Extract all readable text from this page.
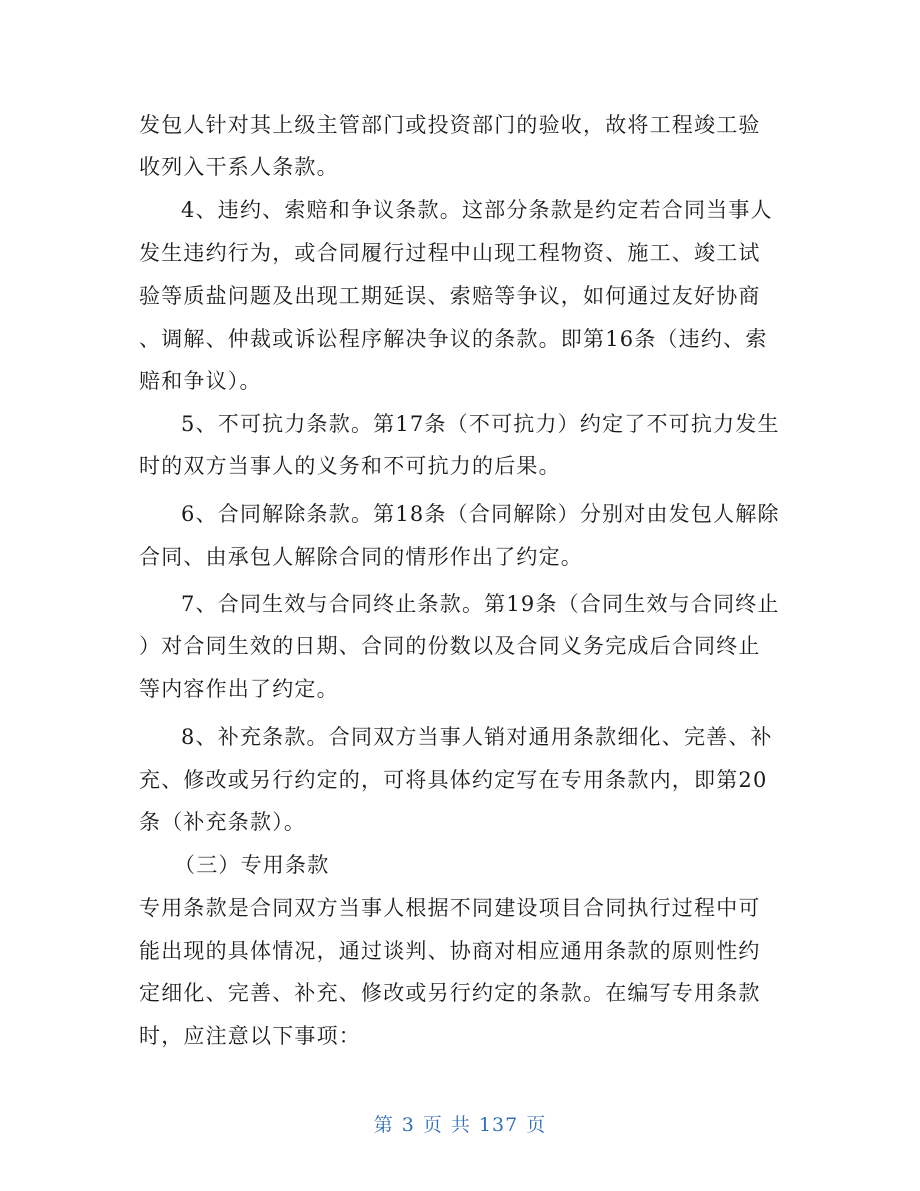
发包人针对其上级主管部门或投资部门的验收，故将工程竣工验
收列入干系人条款。
4、违约、索赔和争议条款。这部分条款是约定若合同当事人
发生违约行为，或合同履行过程中山现工程物资、施工、竣工试
验等质盐问题及出现工期延误、索赔等争议，如何通过友好协商
、调解、仲裁或诉讼程序解决争议的条款。即第16条（违约、索
赔和争议）。
5、不可抗力条款。第17条（不可抗力）约定了不可抗力发生
时的双方当事人的义务和不可抗力的后果。
6、合同解除条款。第18条（合同解除）分别对由发包人解除
合同、由承包人解除合同的情形作出了约定。
7、合同生效与合同终止条款。第19条（合同生效与合同终止
）对合同生效的日期、合同的份数以及合同义务完成后合同终止
等内容作出了约定。
8、补充条款。合同双方当事人销对通用条款细化、完善、补
充、修改或另行约定的，可将具体约定写在专用条款内，即第20
条（补充条款）。
（三）专用条款
专用条款是合同双方当事人根据不同建设项目合同执行过程中可
能出现的具体情况，通过谈判、协商对相应通用条款的原则性约
定细化、完善、补充、修改或另行约定的条款。在编写专用条款
时，应注意以下事项：
第 3 页 共 137 页
